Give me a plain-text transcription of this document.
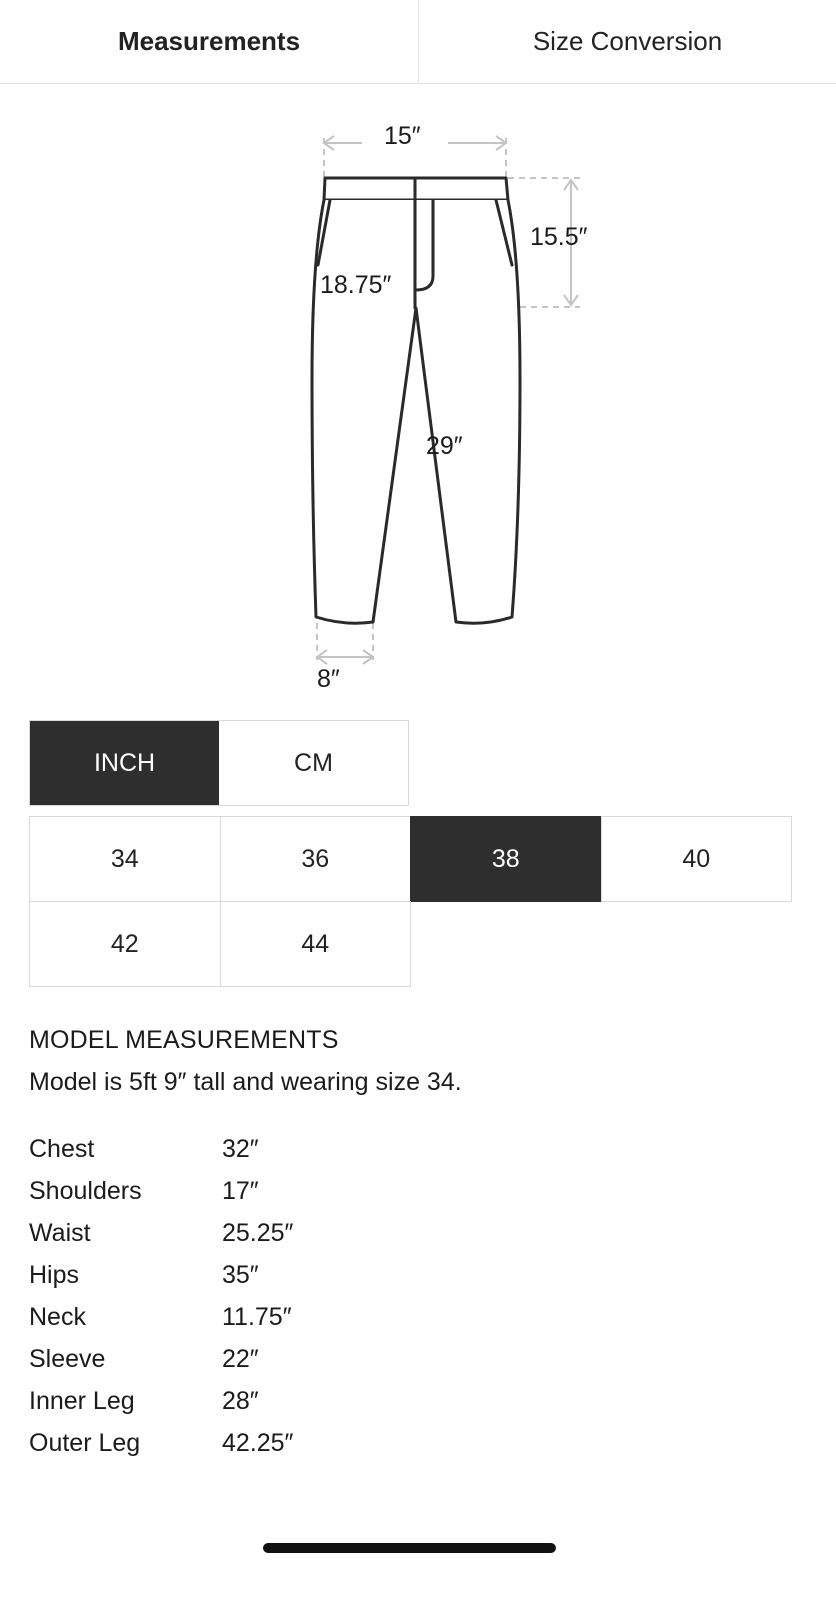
Measurements	Size Conversion
15″
15.5″
18.75″
29″
8″
INCH	CM
34	36	38	40
42	44
MODEL MEASUREMENTS
Model is 5ft 9″ tall and wearing size 34.
Chest	32″
Shoulders	17″
Waist	25.25″
Hips	35″
Neck	11.75″
Sleeve	22″
Inner Leg	28″
Outer Leg	42.25″
